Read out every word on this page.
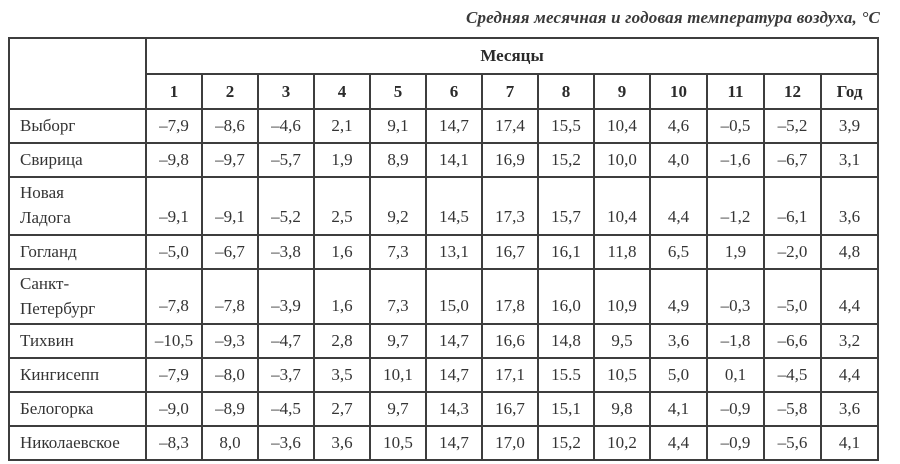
Средняя месячная и годовая температура воздуха, °С
	Месяцы												
	1	2	3	4	5	6	7	8	9	10	11	12	Год
Выборг	–7,9	–8,6	–4,6	2,1	9,1	14,7	17,4	15,5	10,4	4,6	–0,5	–5,2	3,9
Свирица	–9,8	–9,7	–5,7	1,9	8,9	14,1	16,9	15,2	10,0	4,0	–1,6	–6,7	3,1

Новая
Ладога	–9,1	–9,1	–5,2	2,5	9,2	14,5	17,3	15,7	10,4	4,4	–1,2	–6,1	3,6
Гогланд	–5,0	–6,7	–3,8	1,6	7,3	13,1	16,7	16,1	11,8	6,5	1,9	–2,0	4,8

Санкт-
Петербург	–7,8	–7,8	–3,9	1,6	7,3	15,0	17,8	16,0	10,9	4,9	–0,3	–5,0	4,4
Тихвин	–10,5	–9,3	–4,7	2,8	9,7	14,7	16,6	14,8	9,5	3,6	–1,8	–6,6	3,2
Кингисепп	–7,9	–8,0	–3,7	3,5	10,1	14,7	17,1	15.5	10,5	5,0	0,1	–4,5	4,4
Белогорка	–9,0	–8,9	–4,5	2,7	9,7	14,3	16,7	15,1	9,8	4,1	–0,9	–5,8	3,6
Николаевское	–8,3	8,0	–3,6	3,6	10,5	14,7	17,0	15,2	10,2	4,4	–0,9	–5,6	4,1
